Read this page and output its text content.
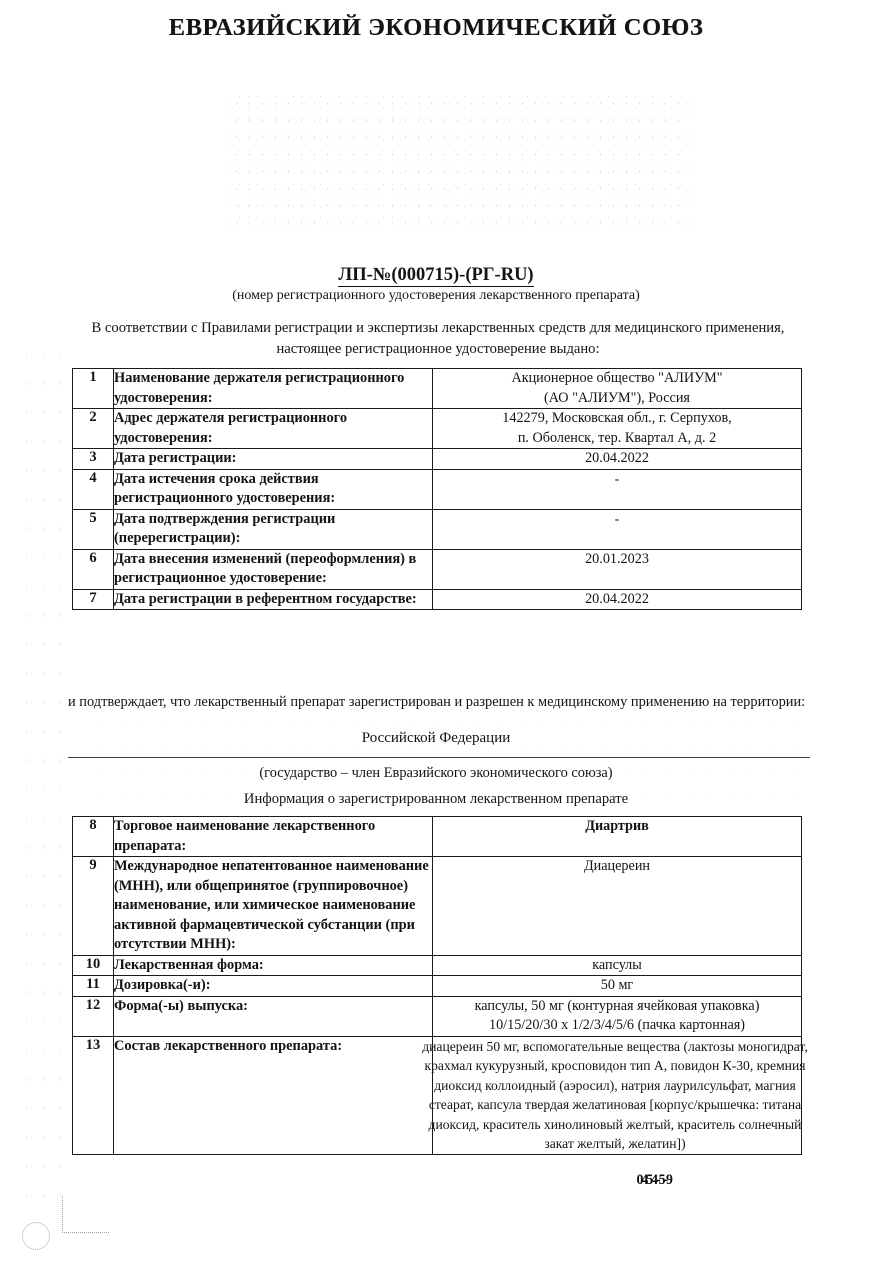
ЕВРАЗИЙСКИЙ ЭКОНОМИЧЕСКИЙ СОЮЗ
ЛП-№(000715)-(РГ-RU)
(номер регистрационного удостоверения лекарственного препарата)
В соответствии с Правилами регистрации и экспертизы лекарственных средств для медицинского применения, настоящее регистрационное удостоверение выдано:
1	Наименование держателя регистрационного удостоверения:	Акционерное общество "АЛИУМ"
(АО "АЛИУМ"), Россия
2	Адрес держателя регистрационного удостоверения:	142279, Московская обл., г. Серпухов,
п. Оболенск, тер. Квартал А, д. 2
3	Дата регистрации:	20.04.2022
4	Дата истечения срока действия регистрационного удостоверения:	-
5	Дата подтверждения регистрации (перерегистрации):	-
6	Дата внесения изменений (переоформления) в регистрационное удостоверение:	20.01.2023
7	Дата регистрации в референтном государстве:	20.04.2022
и подтверждает, что лекарственный препарат зарегистрирован и разрешен к медицинскому применению на территории:
Российской Федерации
(государство – член Евразийского экономического союза)
Информация о зарегистрированном лекарственном препарате
8	Торговое наименование лекарственного препарата:	Диартрив
9	Международное непатентованное наименование (МНН), или общепринятое (группировочное) наименование, или химическое наименование активной фармацевтической субстанции (при отсутствии МНН):	Диацереин
10	Лекарственная форма:	капсулы
11	Дозировка(-и):	50 мг
12	Форма(-ы) выпуска:	капсулы, 50 мг (контурная ячейковая упаковка)
10/15/20/30 х 1/2/3/4/5/6 (пачка картонная)
13	Состав лекарственного препарата:	диацереин 50 мг, вспомогательные вещества (лактозы моногидрат, крахмал кукурузный, кросповидон тип А, повидон К-30, кремния диоксид коллоидный (аэросил), натрия лаурилсульфат, магния стеарат, капсула твердая желатиновая [корпус/крышечка: титана диоксид, краситель хинолиновый желтый, краситель солнечный закат желтый, желатин])
0454-5-9
